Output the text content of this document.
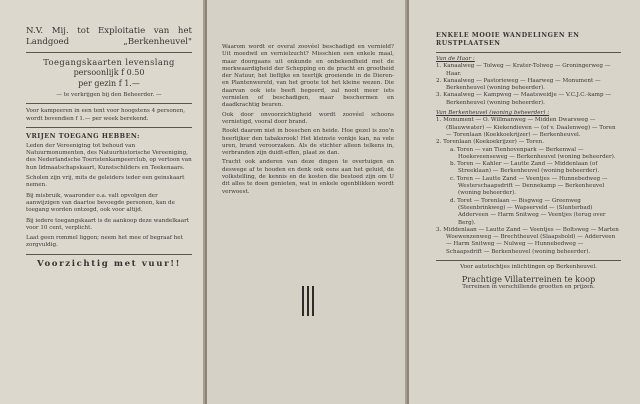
N.V. Mij. tot Exploitatie van het
Landgoed	„Berkenheuvel"
Toegangskaarten levenslang
persoonlijk f 0.50
per gezin f 1.—
— te verkrijgen bij den Beheerder. —
Voor kampeeren in een tent voor hoogstens 4 personen, wordt bovendien f 1.— per week berekend.
VRIJEN TOEGANG HEBBEN:
Leden der Vereeniging tot behoud van Natuurmonumenten, des Natuurhistorische Vereeniging, des Nederlandsche Toeristenkampeerclub, op vertoon van hun lidmaatschapskaart, Kunstschilders en Teekenaars.
Scholen zijn vrij, mits de geleiders ieder een geinskaart nemen.
Bij misbruik, waaronder o.a. valt opvolgen der aanwijzigen van daartoe bevoegde personen, kan de toegang worden ontzegd, ook voor altijd.
Bij iedere toegangskaart is de aankoop deze wandelkaart voor 10 cent, verplicht.
Laat geen rommel liggen; neem het mee of begraaf het zorgvuldig.
Voorzichtig met vuur!!

Waarom wordt er overal zoovéel beschadigd en vernield? Uit moedwil en vernielzucht? Misschien een enkele maal, maar doorgaans uit onkunde en onbekendheid met de merkwaardigheid der Schepping en de pracht en grootheid der Natuur, het lieflijke en teerlijk groeiende in de Dieren- en Plantenwereld, van het groote tot het kleine wezen. Die daarvan ook iets beeft begeerd, zal nooit meer iets vernielen of beschadigen, maar beschermen en daadkrachtig beuren.

Ook door onvoorzichtigheid wordt zoovéel schoons vernietigd, vooral door brand.

Rookt daarom niet in bosschen en heide. Hoe gezel is zoo’n heerlijker den tabaksrook! Het kleinste vonkje kan, na vele uren, brand veroorzaken. Als de stichter alleen telkens in, verbranden zijn duidt-effen, plaat ze dan.

Tracht ook anderen van deze dingen te overtuigen en deswege af te houden en denk ook eens aan het geluid, de volkstelling, de kennis en de kosten die bestoed zijn om U dit alles te doen genieten, wat in enkele ogenblikken wordt verwoest.

ENKELE MOOIE WANDELINGEN EN RUSTPLAATSEN
Van de Haar :
1. Kanaalweg — Tolweg — Krater-Tolweg — Groningerweg — Haar.
2. Kanaalweg — Pastorieweg — Haarweg — Monument — Berkenheuvel (woning beheerder).
3. Kanaalweg — Kampweg — Maatsweidje — V.C.J.C.-kamp — Berkenheuvel (woning beheerder).
Van Berkenheuvel (woning beheerder) :
1. Monument — O. Willmanweg — Midden Dwarsweg — (Blauwwater) — Kiekendieven — (of v. Daalenweg) — Toren — Torenlaan (Koekkoekrijzer) — Berkenheuvel.
2. Torenlaan (Koekoekrijzer) — Toren.
a. Toren — van Tienhovenpark — Berkenwal — Hoekeveenseweg — Berkenheuvel (woning beheerder).
b. Toren — Kahler — Lautte Zand — Middenlaan (of Streeklaan) — Berkenheuvel (woning beheerder).
c. Toren — Lautte Zand — Veentjes — Hunnebedweg — Westerschaapsdrift — Dennekamp — Berkenheuvel (woning beheerder).
d. Toret — Torenlaan — Bisgweg — Greenweg (Steenbrinkweg) — Wapserveld — (Slunterbad) Adderveen — Harm Snitweg — Veentjes (terug over Berg).
3. Middenlaan — Lautte Zand — Veentjes — Boltsweg — Marten Woewenzenweg — Brechtheuvel (Slaapsbold) — Adderveen — Harm Snitweg — Nulweg — Hunnebedweg — Schaapsdrift — Berkenheuvel (woning beheerder).
Voor autotochtjes inlichtingen op Berkenheuvel.
Prachtige Villaterreinen te koop
Terreinen in verschillende grootten en prijzen.
